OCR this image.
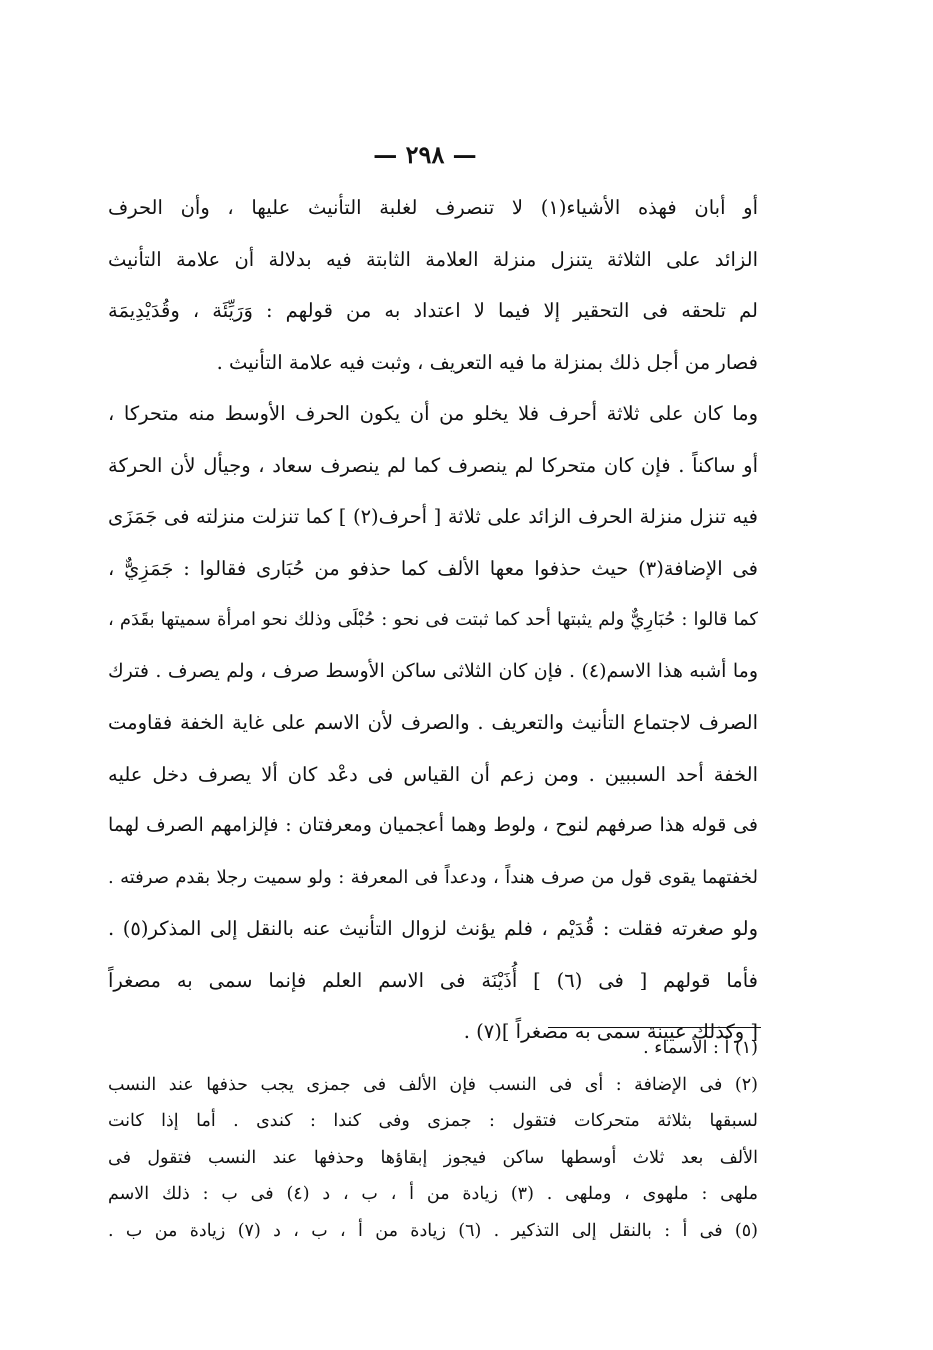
— ٢٩٨ —
أو أبان فهذه الأشياء(١) لا تنصرف لغلبة التأنيث عليها ، وأن الحرف
الزائد على الثلاثة يتنزل منزلة العلامة الثابتة فيه بدلالة أن علامة التأنيث
لم تلحقه فى التحقير إلا فيما لا اعتداد به من قولهم : وَرَيِّئَة ، وقُدَيْدِيمَة
فصار من أجل ذلك بمنزلة ما فيه التعريف ، وثبت فيه علامة التأنيث .
وما كان على ثلاثة أحرف فلا يخلو من أن يكون الحرف الأوسط منه متحركا ،
أو ساكناً . فإن كان متحركا لم ينصرف كما لم ينصرف سعاد ، وجيأل لأن الحركة
فيه تنزل منزلة الحرف الزائد على ثلاثة [ أحرف(٢) ] كما تنزلت منزلته فى جَمَزَى
فى الإضافة(٣) حيث حذفوا معها الألف كما حذفو من حُبَارى فقالوا : جَمَزِيٌّ ،
كما قالوا : حُبَارِيٌّ ولم يثبتها أحد كما ثبتت فى نحو : حُبْلَى وذلك نحو امرأة سميتها بقَدَم ،
وما أشبه هذا الاسم(٤) . فإن كان الثلاثى ساكن الأوسط صرف ، ولم يصرف . فترك
الصرف لاجتماع التأنيث والتعريف . والصرف لأن الاسم على غاية الخفة فقاومت
الخفة أحد السببين . ومن زعم أن القياس فى دعْد كان ألا يصرف دخل عليه
فى قوله هذا صرفهم لنوح ، ولوط وهما أعجميان ومعرفتان : فإلزامهم الصرف لهما
لخفتهما يقوى قول من صرف هنداً ، ودعداً فى المعرفة : ولو سميت رجلا بقدم صرفته .
ولو صغرته فقلت : قُدَيْم ، فلم يؤنث لزوال التأنيث عنه بالنقل إلى المذكر(٥) .
فأما قولهم [ فى (٦) ] أُذَيْنَة فى الاسم العلم فإنما سمى به مصغراً
[ وكذلك عيينة سمى به مصغراً ](٧) .
(١) أ : الأسماء .
(٢) فى الإضافة : أى فى النسب فإن الألف فى جمزى يجب حذفها عند النسب
لسبقها بثلاثة متحركات فتقول : جمزى وفى كندا : كندى . أما إذا كانت
الألف بعد ثلاث أوسطها ساكن فيجوز إبقاؤها وحذفها عند النسب فتقول فى
ملهى : ملهوى ، وملهى . (٣) زيادة من أ ، ب ، د (٤) فى ب : ذلك الاسم
(٥) فى أ : بالنقل إلى التذكير . (٦) زيادة من أ ، ب ، د (٧) زيادة من ب .
